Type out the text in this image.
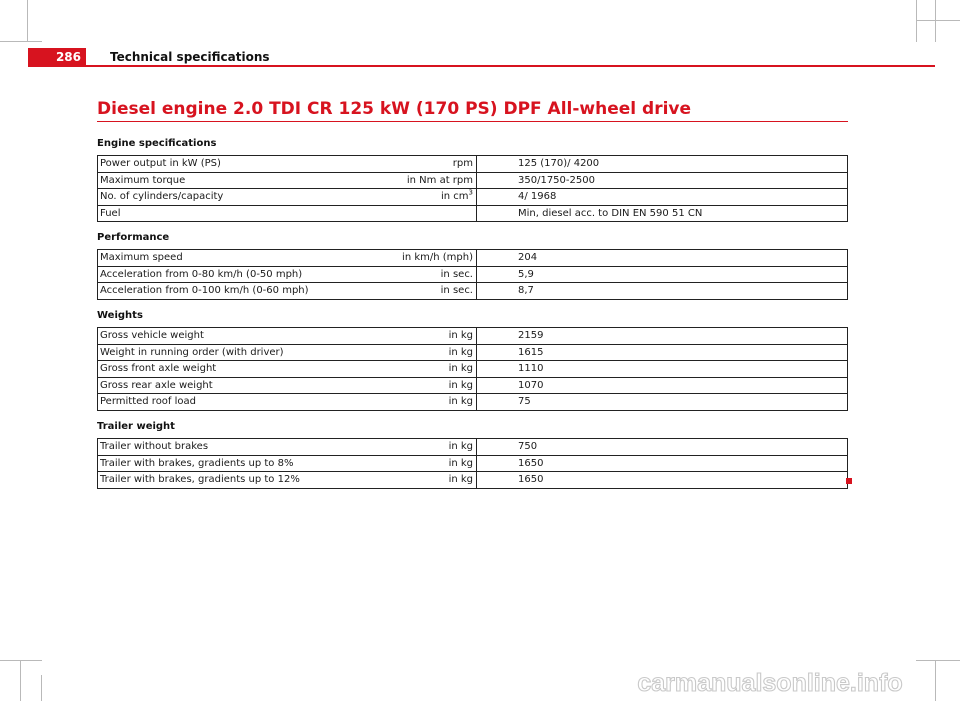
286 Technical specifications
Diesel engine 2.0 TDI CR 125 kW (170 PS) DPF All-wheel drive
Engine specifications
Power output in kW (PS)	rpm	125 (170)/ 4200
Maximum torque	in Nm at rpm	350/1750-2500
No. of cylinders/capacity	in $cm^3$	4/ 1968
Fuel		Min, diesel acc. to DIN EN 590 51 CN
Performance
Maximum speed	in km/h (mph)	204
Acceleration from 0-80 km/h (0-50 mph)	in sec.	5,9
Acceleration from 0-100 km/h (0-60 mph)	in sec.	8,7
Weights
Gross vehicle weight	in kg	2159
Weight in running order (with driver)	in kg	1615
Gross front axle weight	in kg	1110
Gross rear axle weight	in kg	1070
Permitted roof load	in kg	75
Trailer weight
Trailer without brakes	in kg	750
Trailer with brakes, gradients up to 8%	in kg	1650
Trailer with brakes, gradients up to 12%	in kg	1650
carmanualsonline.info
